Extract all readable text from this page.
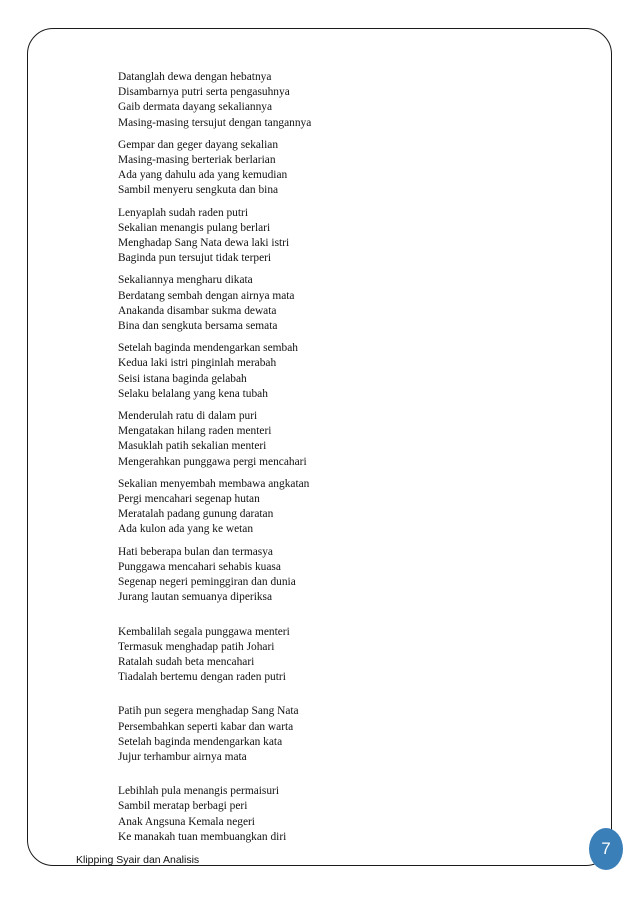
Datanglah dewa dengan hebatnya
Disambarnya putri serta pengasuhnya
Gaib dermata dayang sekaliannya
Masing-masing tersujut dengan tangannya
Gempar dan geger dayang sekalian
Masing-masing berteriak berlarian
Ada yang dahulu ada yang kemudian
Sambil menyeru sengkuta dan bina
Lenyaplah sudah raden putri
Sekalian menangis pulang berlari
Menghadap Sang Nata dewa laki istri
Baginda pun tersujut tidak terperi
Sekaliannya mengharu dikata
Berdatang sembah dengan airnya mata
Anakanda disambar sukma dewata
Bina dan sengkuta bersama semata
Setelah baginda mendengarkan sembah
Kedua laki istri pinginlah merabah
Seisi istana baginda gelabah
Selaku belalang yang kena tubah
Menderulah ratu di dalam puri
Mengatakan hilang raden menteri
Masuklah patih sekalian menteri
Mengerahkan punggawa pergi mencahari
Sekalian menyembah membawa angkatan
Pergi mencahari segenap hutan
Meratalah padang gunung daratan
Ada kulon ada yang ke wetan
Hati beberapa bulan dan termasya
Punggawa mencahari sehabis kuasa
Segenap negeri peminggiran dan dunia
Jurang lautan semuanya diperiksa
Kembalilah segala punggawa menteri
Termasuk menghadap patih Johari
Ratalah sudah beta mencahari
Tiadalah bertemu dengan raden putri
Patih pun segera menghadap Sang Nata
Persembahkan seperti kabar dan warta
Setelah baginda mendengarkan kata
Jujur terhambur airnya mata
Lebihlah pula menangis permaisuri
Sambil meratap berbagi peri
Anak Angsuna Kemala negeri
Ke manakah tuan membuangkan diri
Klipping Syair dan Analisis
7
